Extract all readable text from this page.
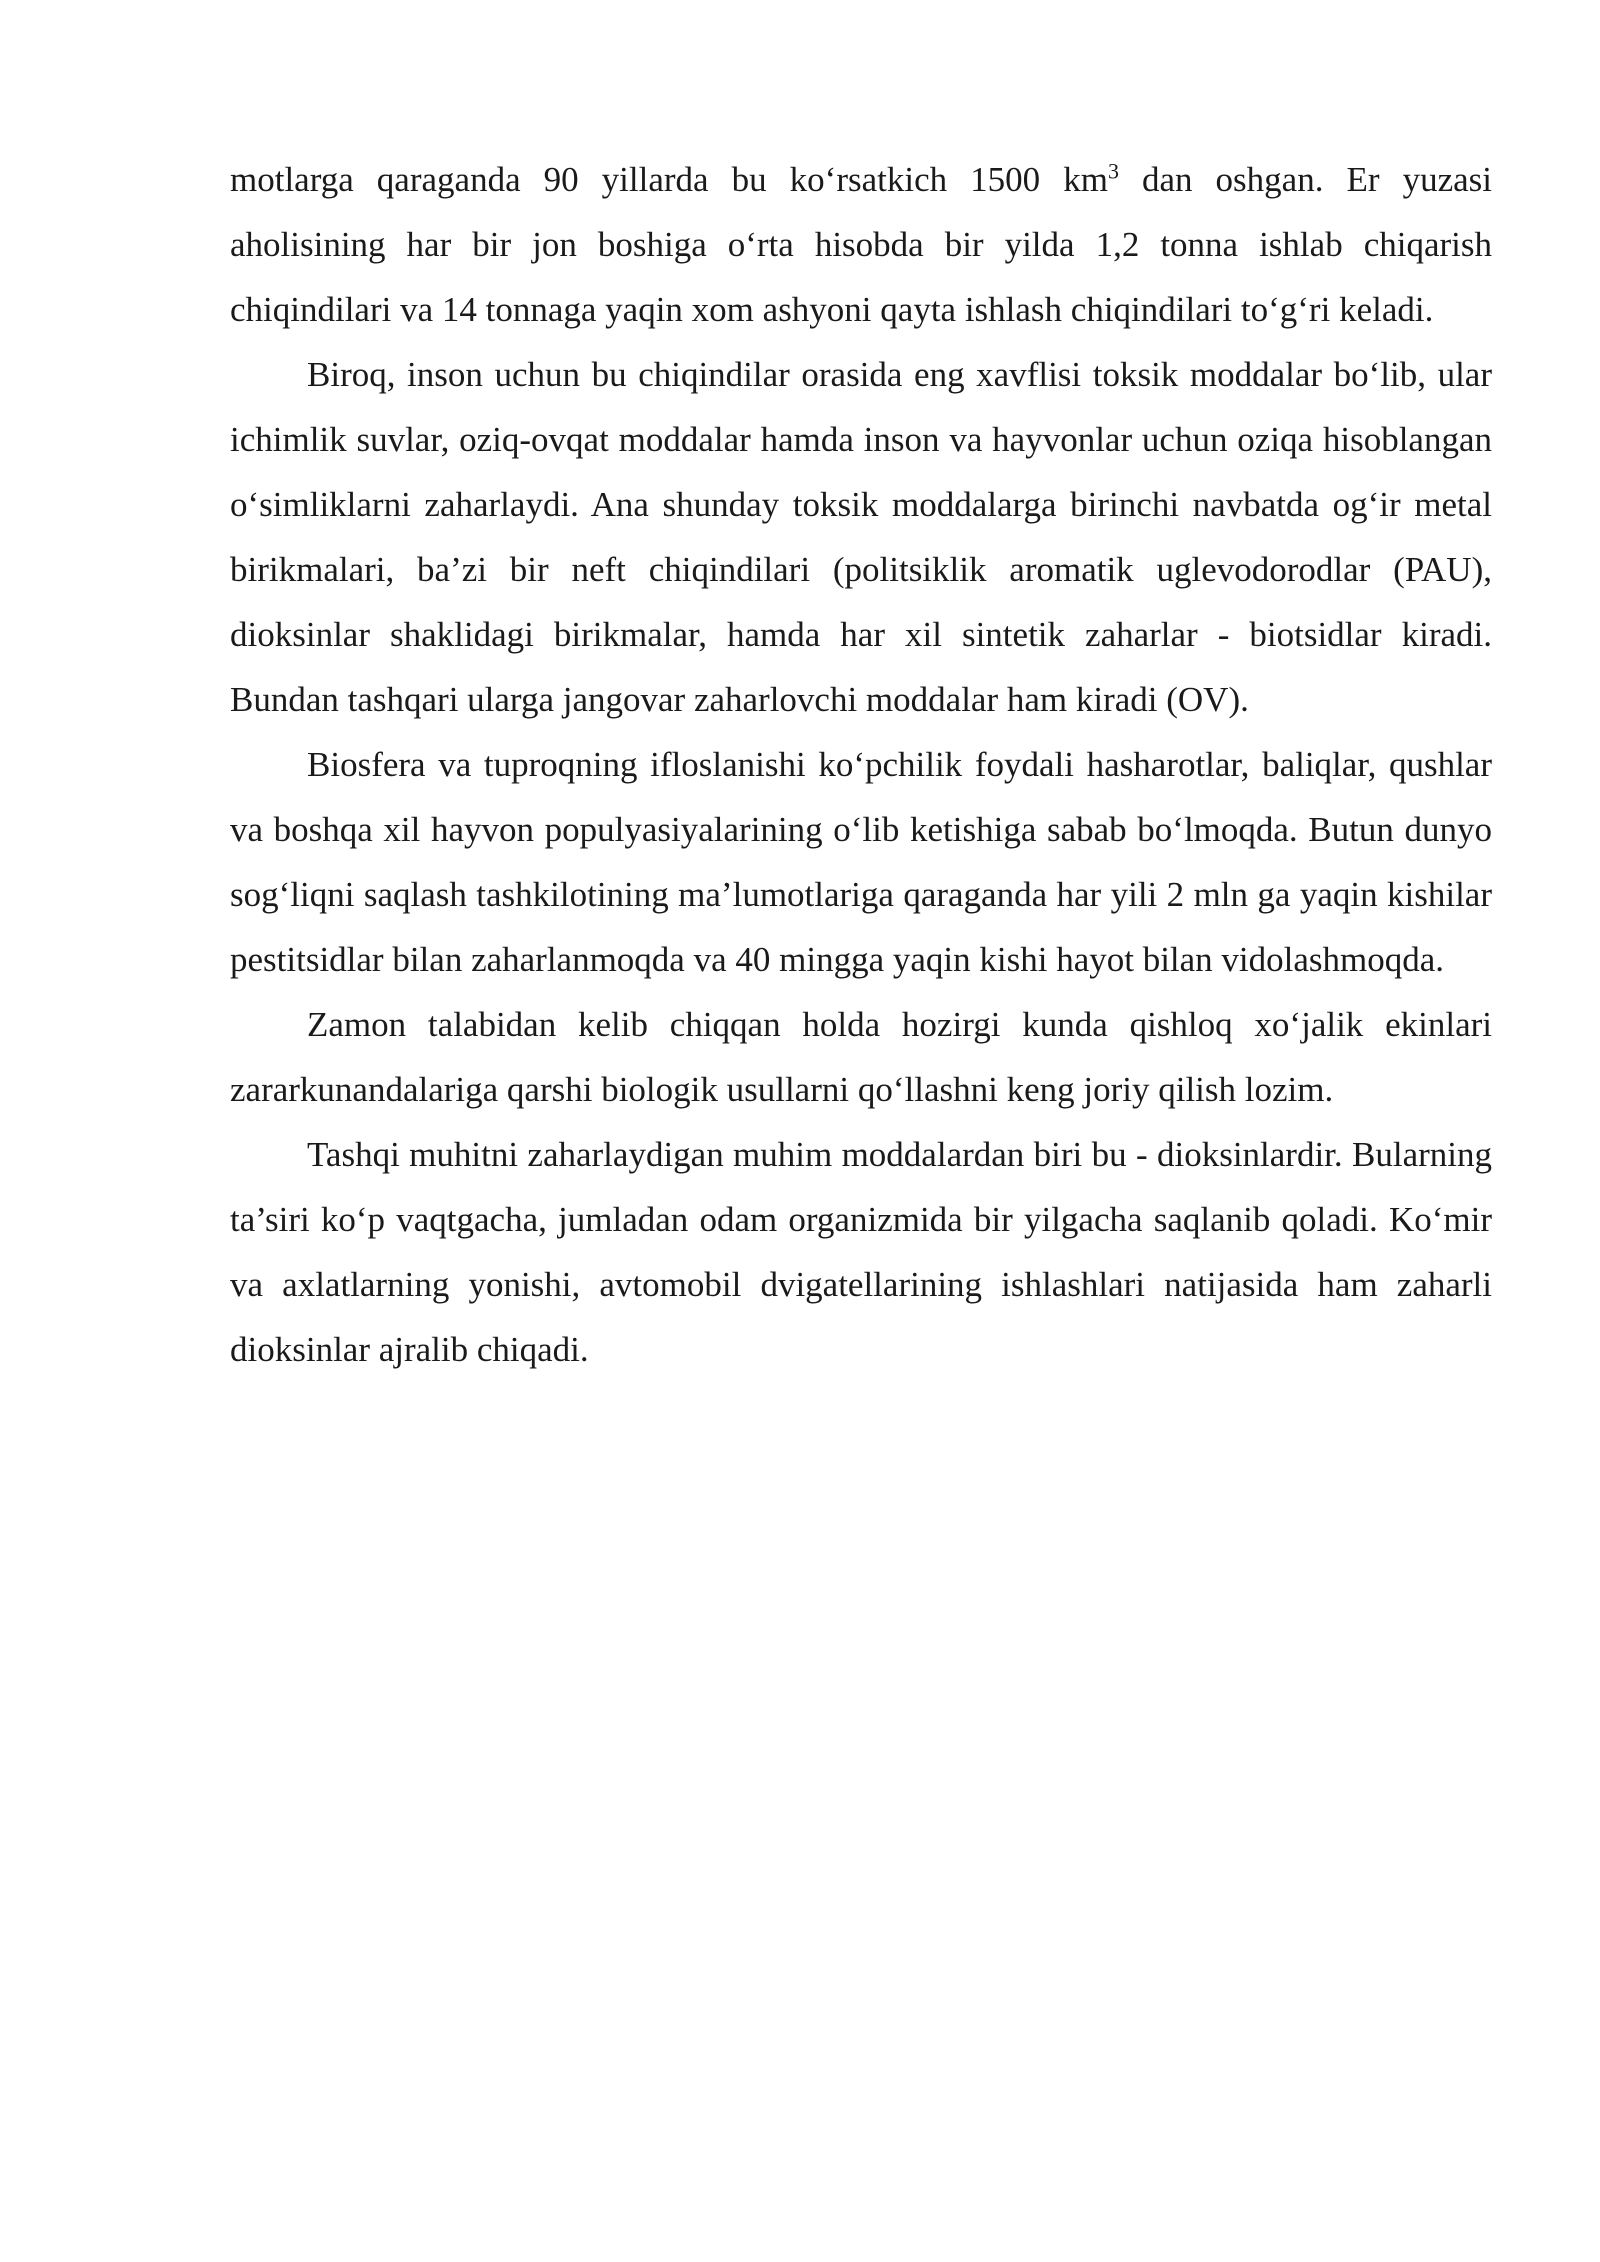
motlarga qaraganda 90 yillarda bu ko‘rsatkich 1500 $km^3$ dan oshgan. Er yuzasi aholisining har bir jon boshiga o‘rta hisobda bir yilda 1,2 tonna ishlab chiqarish chiqindilari va 14 tonnaga yaqin xom ashyoni qayta ishlash chiqindilari to‘g‘ri keladi.

Biroq, inson uchun bu chiqindilar orasida eng xavflisi toksik moddalar bo‘lib, ular ichimlik suvlar, oziq-ovqat moddalar hamda inson va hayvonlar uchun oziqa hisoblangan o‘simliklarni zaharlaydi. Ana shunday toksik moddalarga birinchi navbatda og‘ir metal birikmalari, ba’zi bir neft chiqindilari (politsiklik aromatik uglevodorodlar (PAU), dioksinlar shaklidagi birikmalar, hamda har xil sintetik zaharlar - biotsidlar kiradi. Bundan tashqari ularga jangovar zaharlovchi moddalar ham kiradi (OV).

Biosfera va tuproqning ifloslanishi ko‘pchilik foydali hasharotlar, baliqlar, qushlar va boshqa xil hayvon populyasiyalarining o‘lib ketishiga sabab bo‘lmoqda. Butun dunyo sog‘liqni saqlash tashkilotining ma’lumotlariga qaraganda har yili 2 mln ga yaqin kishilar pestitsidlar bilan zaharlanmoqda va 40 mingga yaqin kishi hayot bilan vidolashmoqda.

Zamon talabidan kelib chiqqan holda hozirgi kunda qishloq xo‘jalik ekinlari zararkunandalariga qarshi biologik usullarni qo‘llashni keng joriy qilish lozim.

Tashqi muhitni zaharlaydigan muhim moddalardan biri bu - dioksinlardir. Bularning ta’siri ko‘p vaqtgacha, jumladan odam organizmida bir yilgacha saqlanib qoladi. Ko‘mir va axlatlarning yonishi, avtomobil dvigatellarining ishlashlari natijasida ham zaharli dioksinlar ajralib chiqadi.
